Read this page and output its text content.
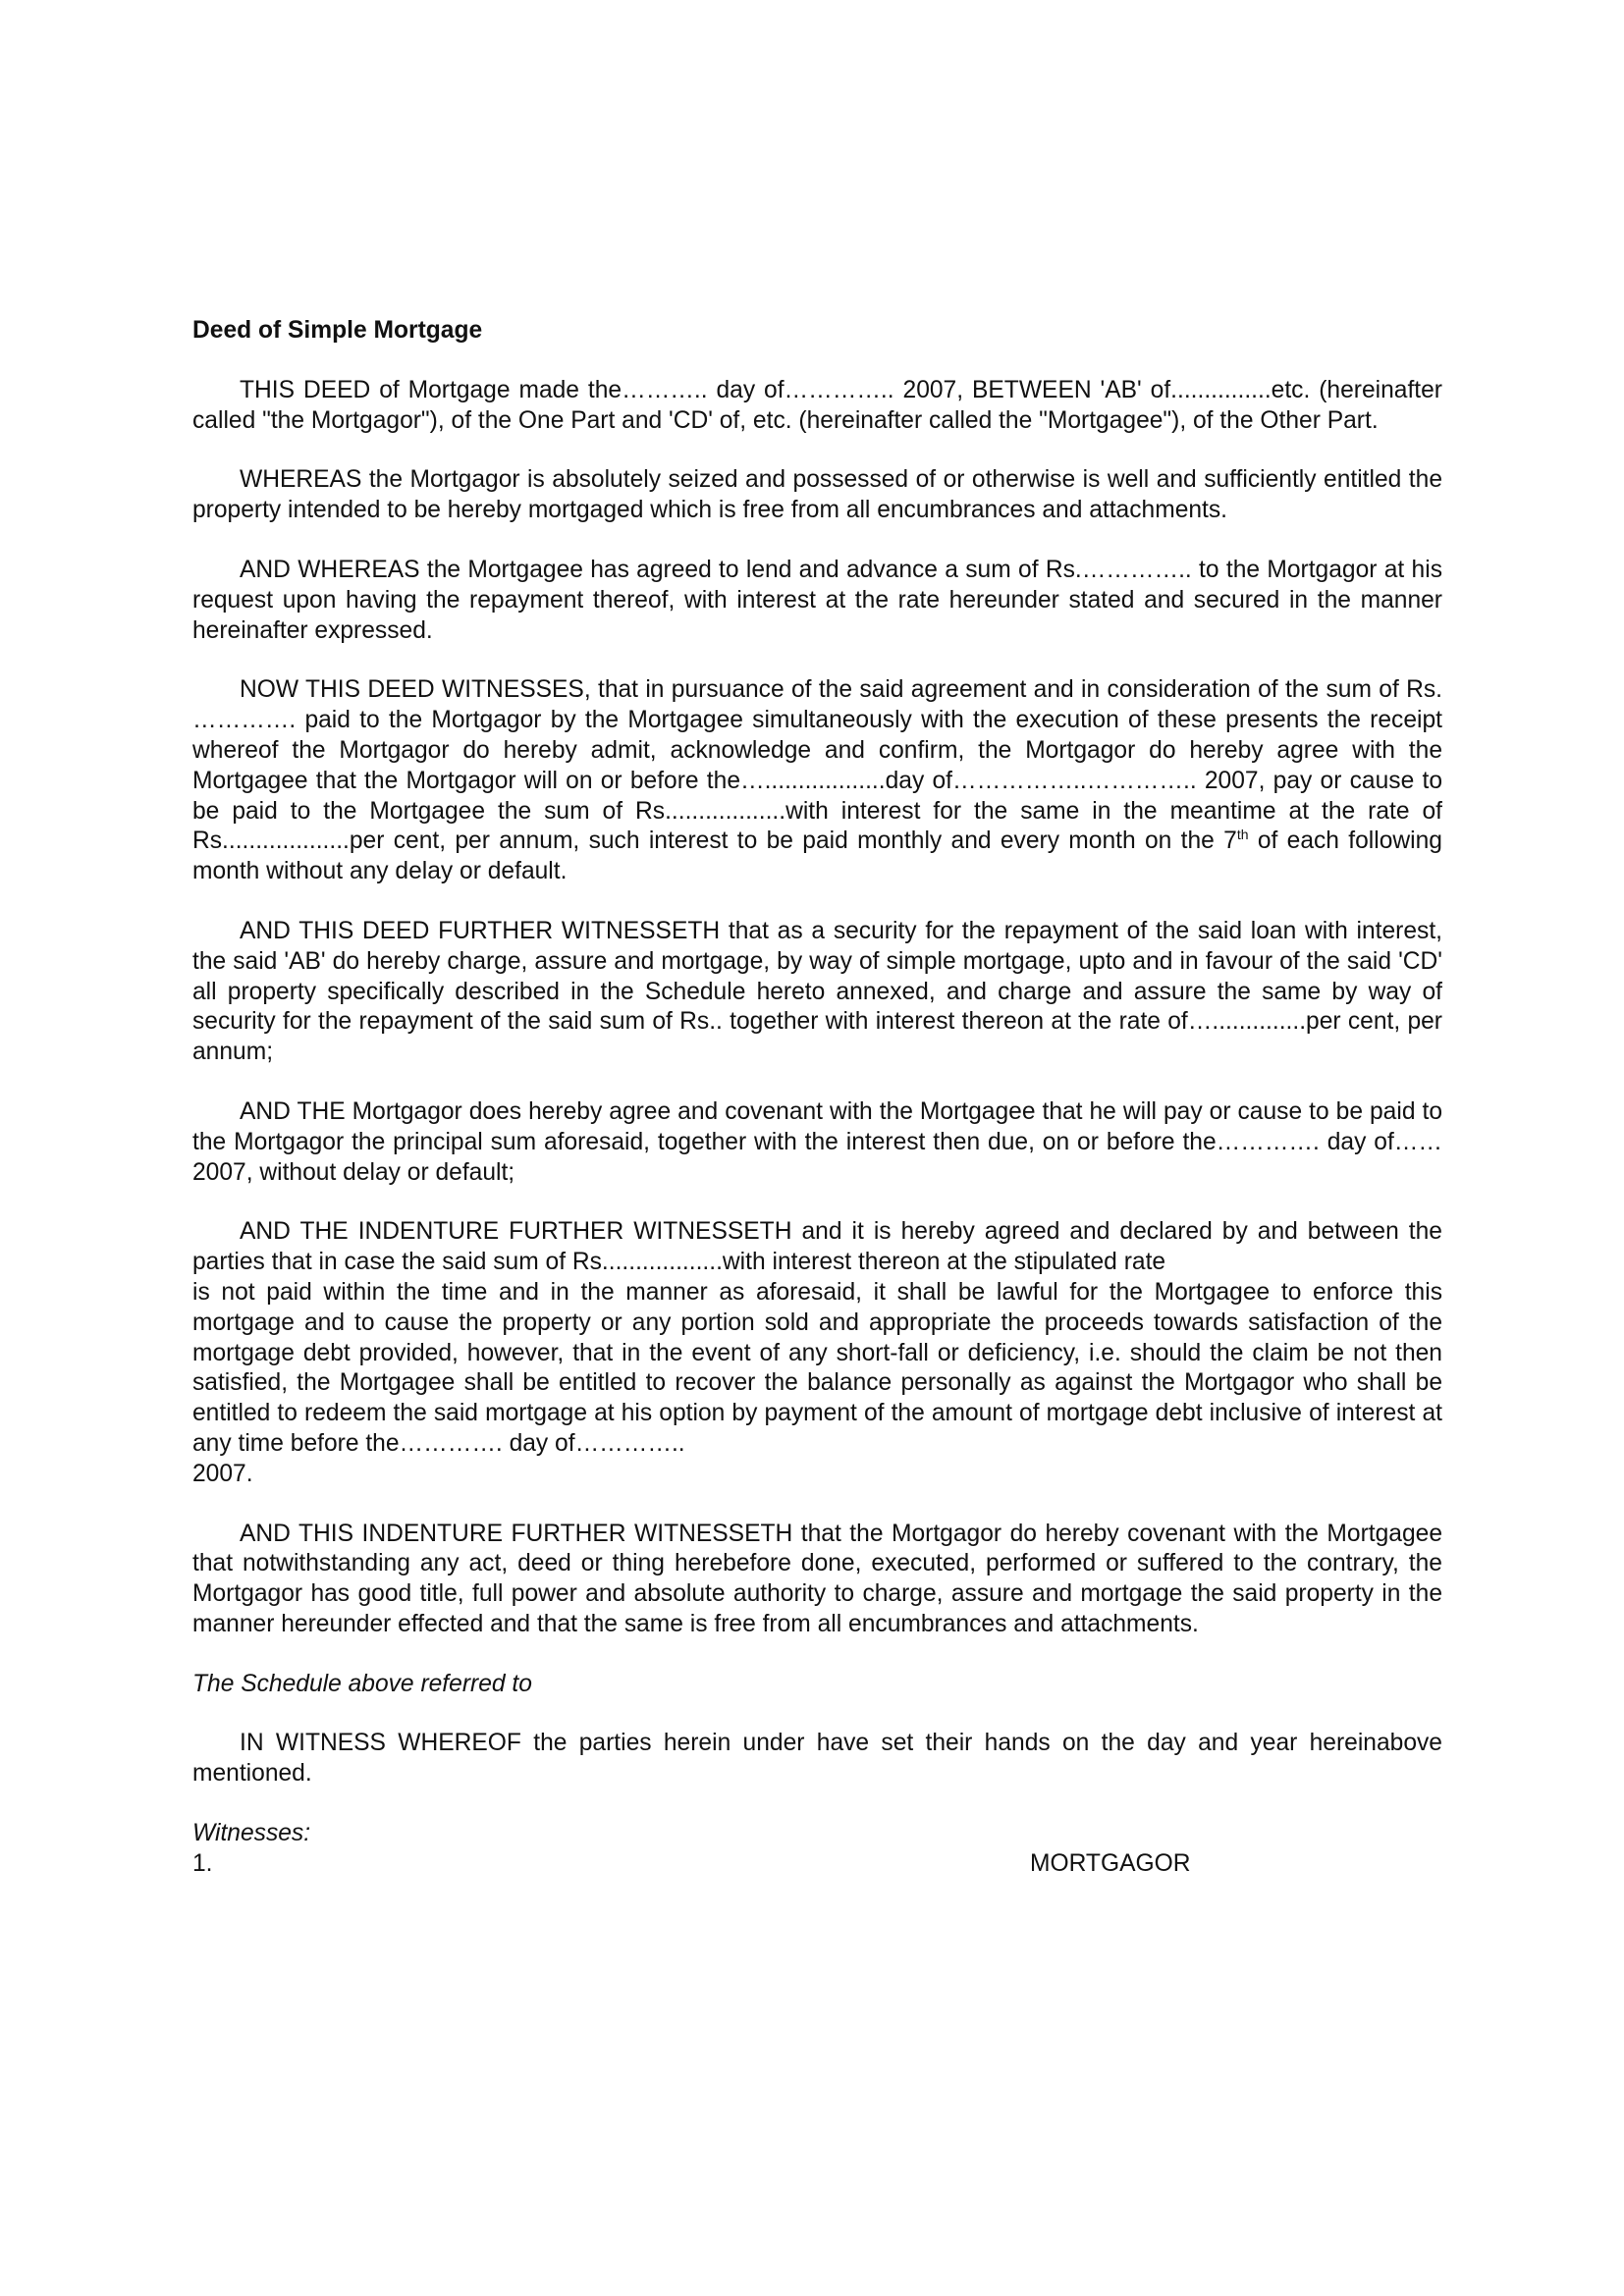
Deed of Simple Mortgage

THIS DEED of Mortgage made the……….. day of………….. 2007, BETWEEN 'AB' of...............etc. (hereinafter called "the Mortgagor"), of the One Part and 'CD' of, etc. (hereinafter called the "Mortgagee"), of the Other Part.

WHEREAS the Mortgagor is absolutely seized and possessed of or otherwise is well and sufficiently entitled the property intended to be hereby mortgaged which is free from all encumbrances and attachments.

AND WHEREAS the Mortgagee has agreed to lend and advance a sum of Rs.………….. to the Mortgagor at his request upon having the repayment thereof, with interest at the rate hereunder stated and secured in the manner hereinafter expressed.

NOW THIS DEED WITNESSES, that in pursuance of the said agreement and in consideration of the sum of Rs. …………. paid to the Mortgagor by the Mortgagee simultaneously with the execution of these presents the receipt whereof the Mortgagor do hereby admit, acknowledge and confirm, the Mortgagor do hereby agree with the Mortgagee that the Mortgagor will on or before the…..................day of……………..………….. 2007, pay or cause to be paid to the Mortgagee the sum of Rs..................with interest for the same in the meantime at the rate of Rs...................per cent, per annum, such interest to be paid monthly and every month on the 7th of each following month without any delay or default.

AND THIS DEED FURTHER WITNESSETH that as a security for the repayment of the said loan with interest, the said 'AB' do hereby charge, assure and mortgage, by way of simple mortgage, upto and in favour of the said 'CD' all property specifically described in the Schedule hereto annexed, and charge and assure the same by way of security for the repayment of the said sum of Rs.. together with interest thereon at the rate of…..............per cent, per annum;

AND THE Mortgagor does hereby agree and covenant with the Mortgagee that he will pay or cause to be paid to the Mortgagor the principal sum aforesaid, together with the interest then due, on or before the…………. day of……2007, without delay or default;

AND THE INDENTURE FURTHER WITNESSETH and it is hereby agreed and declared by and between the parties that in case the said sum of Rs..................with interest thereon at the stipulated rate

is not paid within the time and in the manner as aforesaid, it shall be lawful for the Mortgagee to enforce this mortgage and to cause the property or any portion sold and appropriate the proceeds towards satisfaction of the mortgage debt provided, however, that in the event of any short-fall or deficiency, i.e. should the claim be not then satisfied, the Mortgagee shall be entitled to recover the balance personally as against the Mortgagor who shall be entitled to redeem the said mortgage at his option by payment of the amount of mortgage debt inclusive of interest at any time before the…………. day of…………..

2007.

AND THIS INDENTURE FURTHER WITNESSETH that the Mortgagor do hereby covenant with the Mortgagee that notwithstanding any act, deed or thing herebefore done, executed, performed or suffered to the contrary, the Mortgagor has good title, full power and absolute authority to charge, assure and mortgage the said property in the manner hereunder effected and that the same is free from all encumbrances and attachments.

The Schedule above referred to

IN WITNESS WHEREOF the parties herein under have set their hands on the day and year hereinabove mentioned.

Witnesses:

1.	MORTGAGOR
